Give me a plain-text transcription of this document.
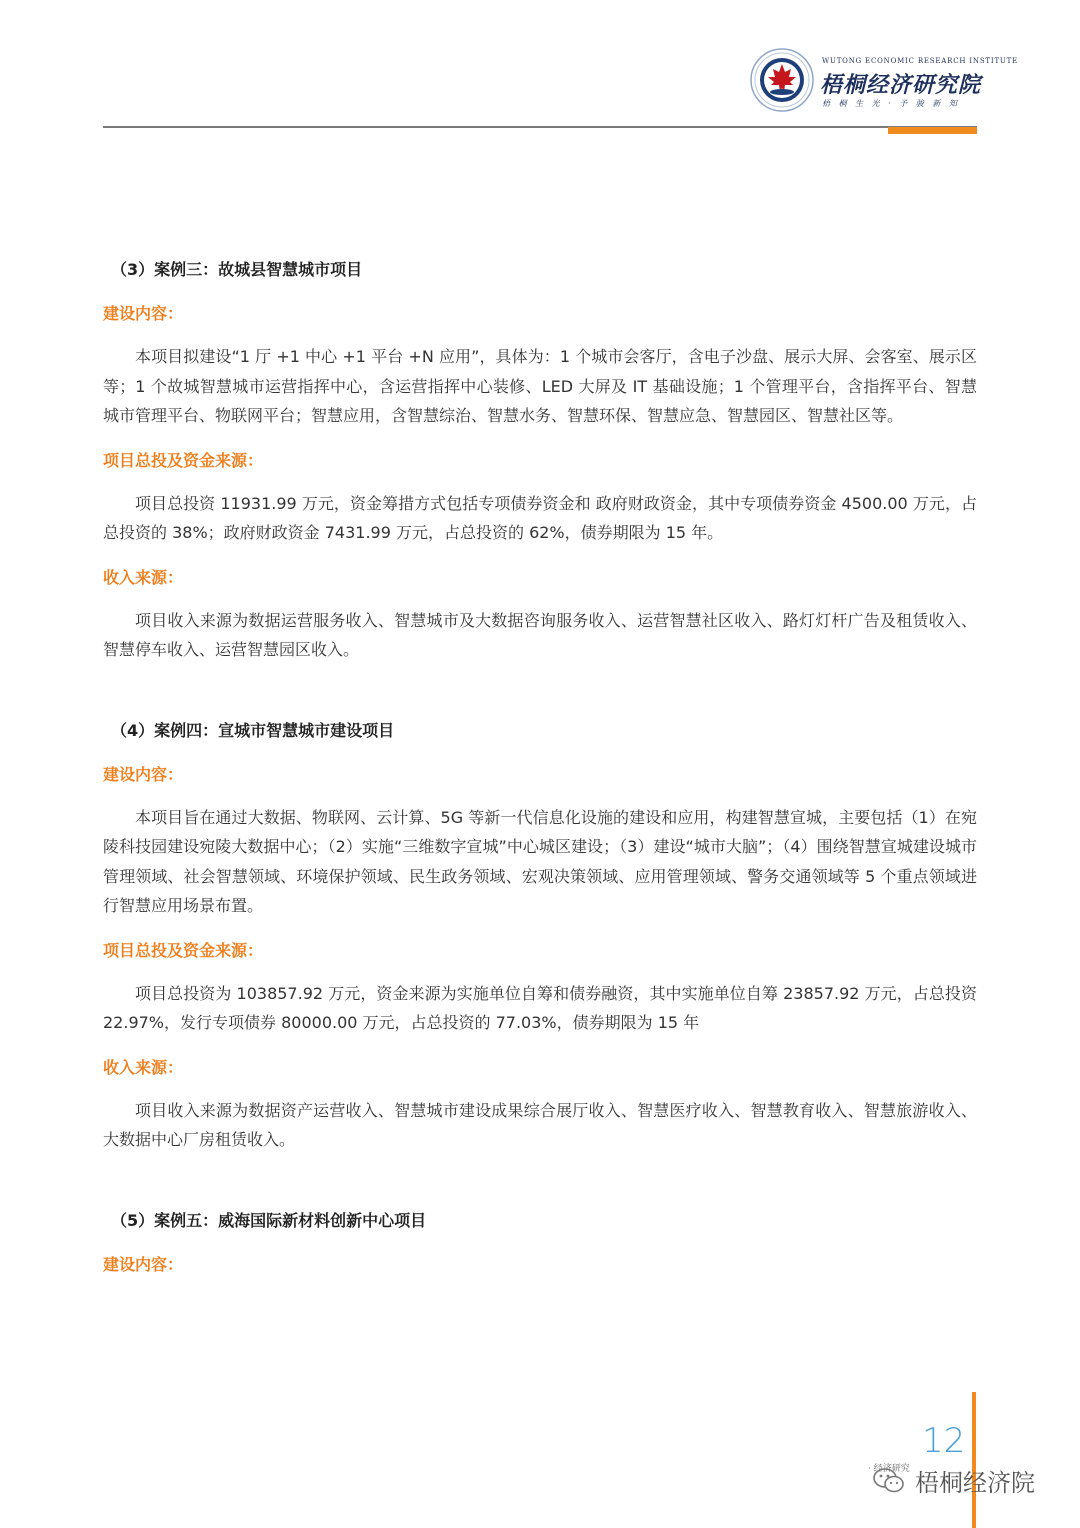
WUTONG ECONOMIC RESEARCH INSTITUTE
梧桐经济研究院
梧 桐 生 光 · 予 骏 新 知
（3）案例三：故城县智慧城市项目
建设内容：

本项目拟建设“1 厅 +1 中心 +1 平台 +N 应用”，具体为：1 个城市会客厅，含电子沙盘、展示大屏、会客室、展示区等；1 个故城智慧城市运营指挥中心，含运营指挥中心装修、LED 大屏及 IT 基础设施；1 个管理平台，含指挥平台、智慧城市管理平台、物联网平台；智慧应用，含智慧综治、智慧水务、智慧环保、智慧应急、智慧园区、智慧社区等。

项目总投及资金来源：

项目总投资 11931.99 万元，资金筹措方式包括专项债券资金和 政府财政资金，其中专项债券资金 4500.00 万元，占总投资的 38%；政府财政资金 7431.99 万元，占总投资的 62%，债券期限为 15 年。

收入来源：

项目收入来源为数据运营服务收入、智慧城市及大数据咨询服务收入、运营智慧社区收入、路灯灯杆广告及租赁收入、智慧停车收入、运营智慧园区收入。

（4）案例四：宣城市智慧城市建设项目
建设内容：

本项目旨在通过大数据、物联网、云计算、5G 等新一代信息化设施的建设和应用，构建智慧宣城，主要包括（1）在宛陵科技园建设宛陵大数据中心；（2）实施“三维数字宣城”中心城区建设；（3）建设“城市大脑”；（4）围绕智慧宣城建设城市管理领域、社会智慧领域、环境保护领域、民生政务领域、宏观决策领域、应用管理领域、警务交通领域等 5 个重点领域进行智慧应用场景布置。

项目总投及资金来源：

项目总投资为 103857.92 万元，资金来源为实施单位自筹和债券融资，其中实施单位自筹 23857.92 万元，占总投资 22.97%，发行专项债券 80000.00 万元，占总投资的 77.03%，债券期限为 15 年

收入来源：

项目收入来源为数据资产运营收入、智慧城市建设成果综合展厅收入、智慧医疗收入、智慧教育收入、智慧旅游收入、大数据中心厂房租赁收入。

（5）案例五：威海国际新材料创新中心项目
建设内容：
12
· 经济研究 梧桐经济院
